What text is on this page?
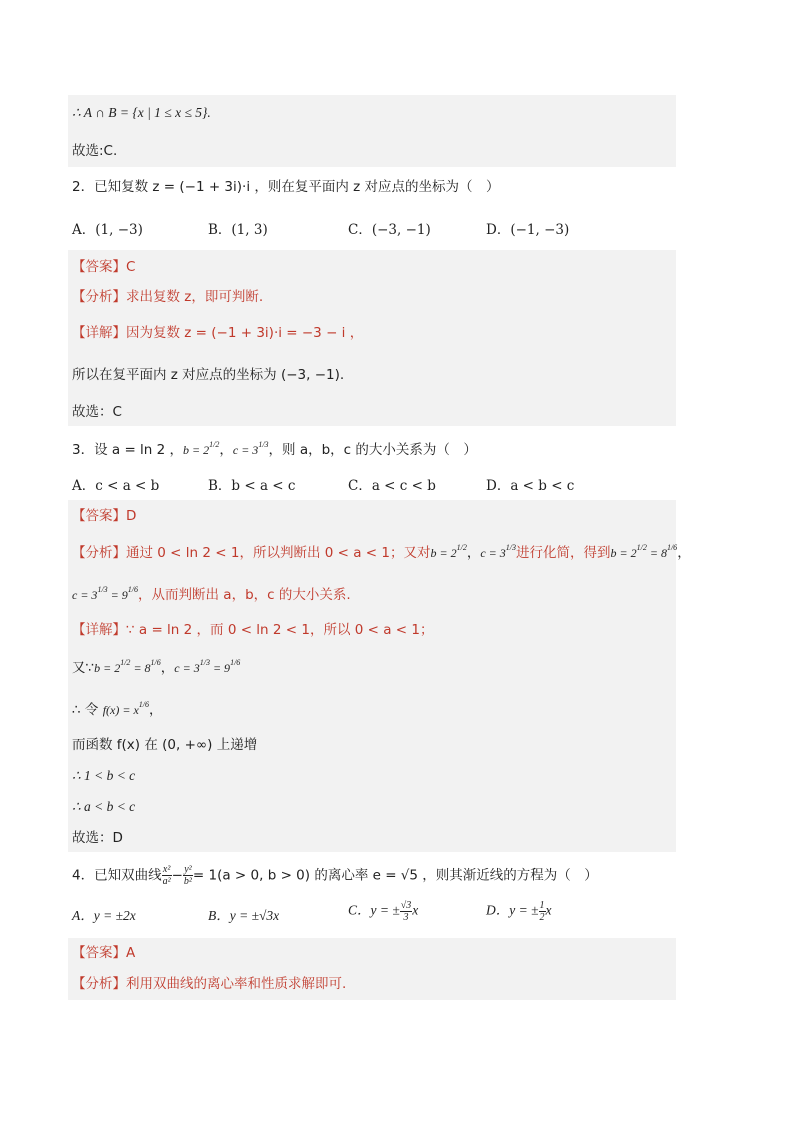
∴ A ∩ B = {x | 1 ≤ x ≤ 5}.
故选:C.
2．已知复数 z = (−1 + 3i)·i ，则在复平面内 z 对应点的坐标为（　）
A．(1, −3)	B．(1, 3)	C．(−3, −1)	D．(−1, −3)
【答案】C
【分析】求出复数 z，即可判断.
【详解】因为复数 z = (−1 + 3i)·i = −3 − i ，
所以在复平面内 z 对应点的坐标为 (−3, −1).
故选：C
3．设 a = ln 2 ，$b = 2^{1/2}$，$c = 3^{1/3}$，则 a，b，c 的大小关系为（　）
A．c < a < b	B．b < a < c	C．a < c < b	D．a < b < c
【答案】D
【分析】通过 0 < ln 2 < 1，所以判断出 0 < a < 1；又对$b = 2^{1/2}$，$c = 3^{1/3}$进行化简，得到$b = 2^{1/2} = 8^{1/6}$，
$c = 3^{1/3} = 9^{1/6}$，从而判断出 a，b，c 的大小关系.
【详解】∵ a = ln 2 ，而 0 < ln 2 < 1，所以 0 < a < 1；
又∵b = $2^{1/2} = 8^{1/6}$，$c = 3^{1/3} = 9^{1/6}$
∴ 令 $f(x) = x^{1/6}$，
而函数 f(x) 在 (0, +∞) 上递增
∴ 1 < b < c
∴ a < b < c
故选：D
4．已知双曲线 $\frac{\text{x²}}{\text{a²}} - \frac{\text{y²}}{\text{b²}} = 1(a > 0$, b > 0) 的离心率 e = √5 ，则其渐近线的方程为（　）
A．y = ±2x	B．y = ±√3x	C．y = ± $\frac{√3}{3}$ x	D．y = ± $\frac{1}{2}$ x
【答案】A
【分析】利用双曲线的离心率和性质求解即可.
